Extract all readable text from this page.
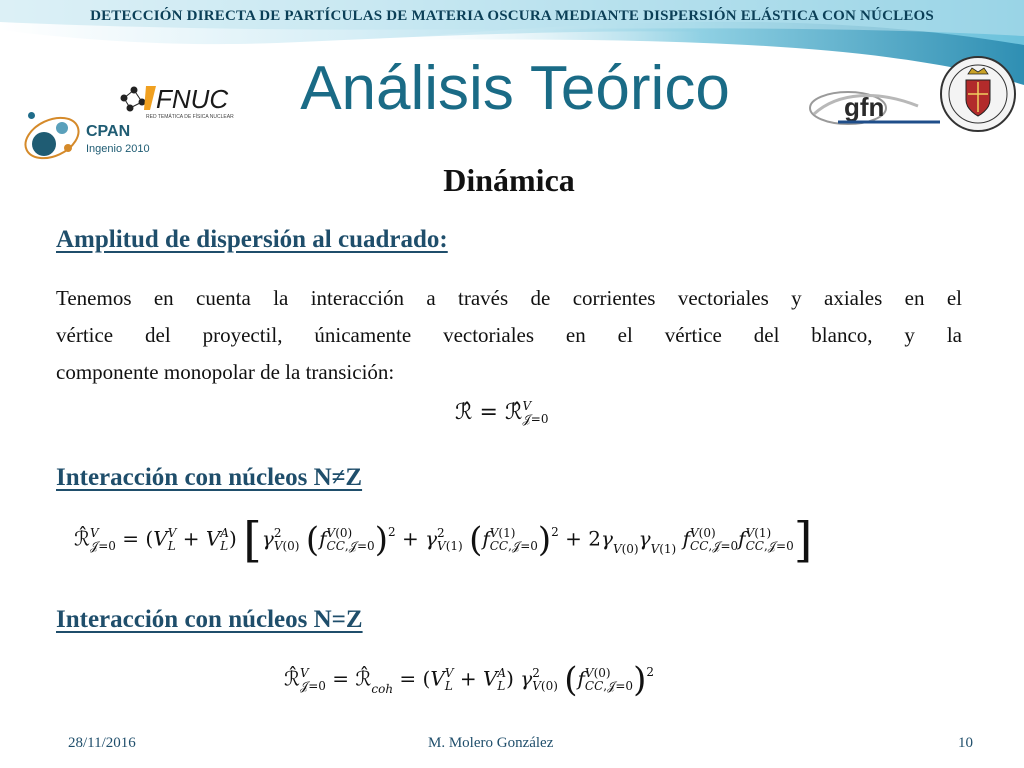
DETECCIÓN DIRECTA DE PARTÍCULAS DE MATERIA OSCURA MEDIANTE DISPERSIÓN ELÁSTICA CON NÚCLEOS
FNUC
RED TEMÁTICA DE FÍSICA NUCLEAR
CPAN
Ingenio 2010
gfn
Análisis Teórico
Dinámica
Amplitud de dispersión al cuadrado:
Tenemos en cuenta la interacción a través de corrientes vectoriales y axiales en el
vértice del proyectil, únicamente vectoriales en el vértice del blanco, y la
componente monopolar de la transición:
ℛ̂ = ℛ̂ 𝑉
𝒥=0
Interacción con núcleos N≠Z
ℛ̂ 𝑉
𝒥=0 = (V 𝑉
𝐿 + V 𝐴
𝐿 ) [γ 2
𝑉(0) (f 𝑉(0)
𝐶𝐶,𝒥=0 )$^2$ + γ 2
𝑉(1) (f 𝑉(1)
𝐶𝐶,𝒥=0 )$^2 + 2\gamma_{𝑉(0)}\gamma_{𝑉(1)}$ f 𝑉(0)
𝐶𝐶,𝒥=0 f 𝑉(1)
𝐶𝐶,𝒥=0 ]
Interacción con núcleos N=Z
ℛ̂ 𝑉
𝒥=0 = $ℛ̂_{𝑐𝑜ℎ} = (V$ 𝑉
𝐿 + V 𝐴
𝐿 ) γ 2
𝑉(0) (f 𝑉(0)
𝐶𝐶,𝒥=0 )$^2$
28/11/2016	M. Molero González	10
